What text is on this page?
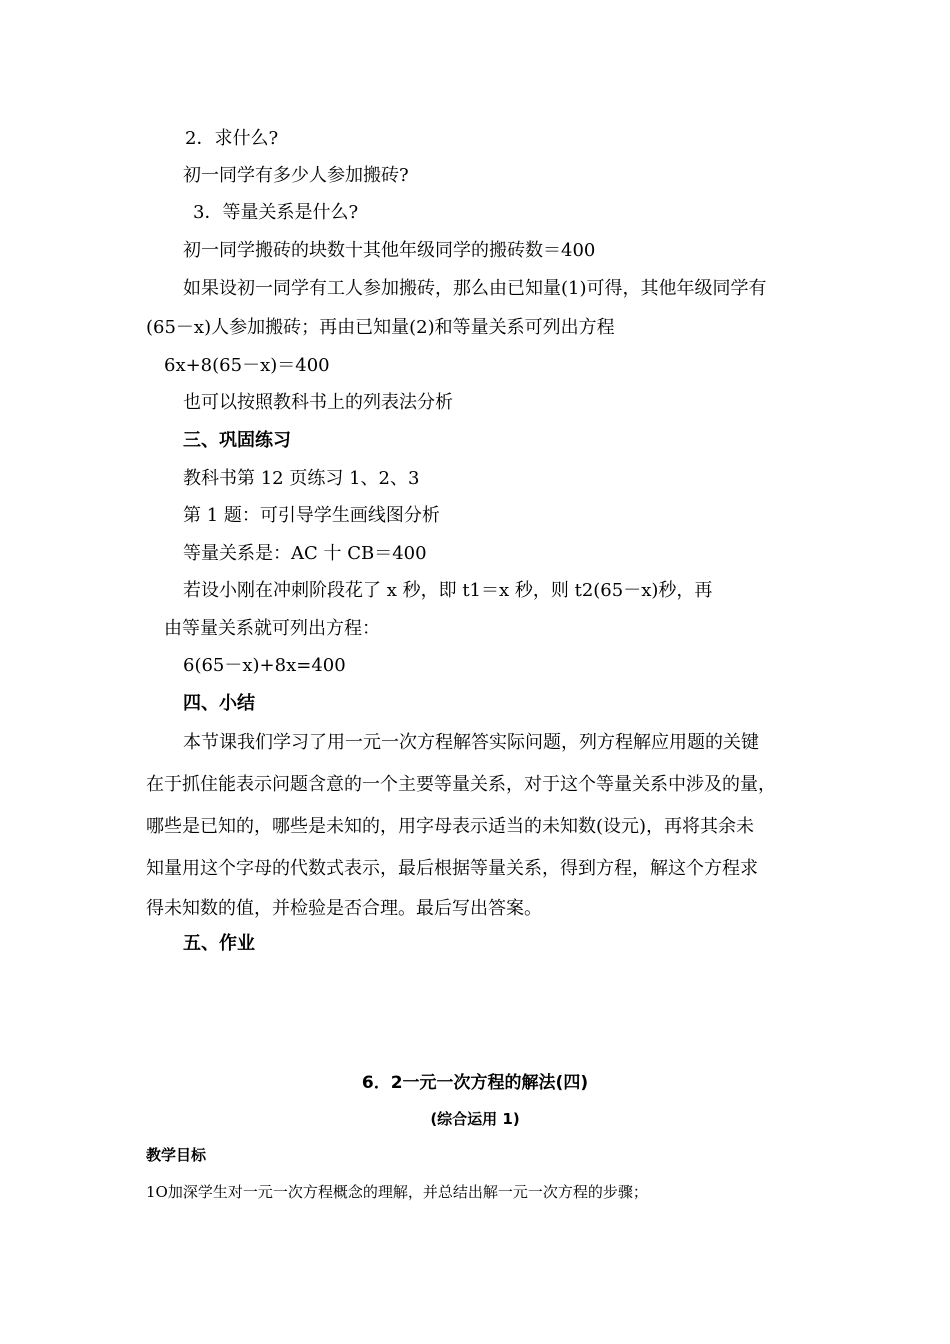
2．求什么?
初一同学有多少人参加搬砖?
3．等量关系是什么?
初一同学搬砖的块数十其他年级同学的搬砖数＝400
如果设初一同学有工人参加搬砖，那么由已知量(1)可得，其他年级同学有
(65－x)人参加搬砖；再由已知量(2)和等量关系可列出方程
6x+8(65－x)＝400
也可以按照教科书上的列表法分析
三、巩固练习
教科书第 12 页练习 1、2、3
第 1 题：可引导学生画线图分析
等量关系是：AC 十 CB＝400
若设小刚在冲刺阶段花了 x 秒，即 t1＝x 秒，则 t2(65－x)秒，再
由等量关系就可列出方程：
6(65－x)+8x=400
四、小结
本节课我们学习了用一元一次方程解答实际问题，列方程解应用题的关键
在于抓住能表示问题含意的一个主要等量关系，对于这个等量关系中涉及的量，
哪些是已知的，哪些是未知的，用字母表示适当的未知数(设元)，再将其余未
知量用这个字母的代数式表示，最后根据等量关系，得到方程，解这个方程求
得未知数的值，并检验是否合理。最后写出答案。
五、作业
6．2一元一次方程的解法(四)
(综合运用 1)
教学目标
1O加深学生对一元一次方程概念的理解，并总结出解一元一次方程的步骤；
